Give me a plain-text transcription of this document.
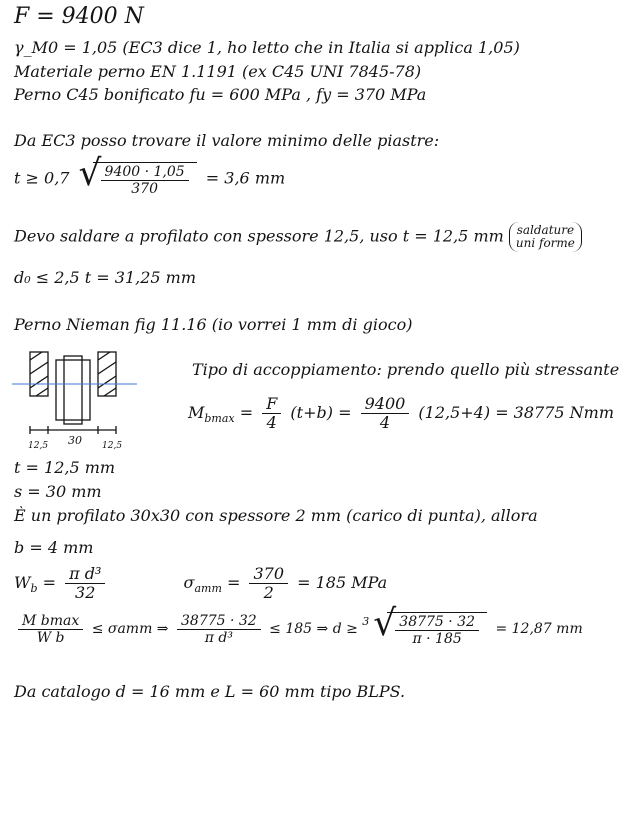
F = 9400 N
γ_M0 = 1,05 (EC3 dice 1, ho letto che in Italia si applica 1,05)
Materiale perno EN 1.1191 (ex C45 UNI 7845-78)
Perno C45 bonificato fu = 600 MPa , fy = 370 MPa
Da EC3 posso trovare il valore minimo delle piastre:
t ≥ 0,7 √ $\frac{9400 \cdot 1,05}{370} = 3,6$ mm
Devo saldare a profilato con spessore 12,5, uso t = 12,5 mm saldature
uni forme
d₀ ≤ 2,5 t = 31,25 mm
Perno Nieman fig 11.16 (io vorrei 1 mm di gioco)
12,5 30 12,5
Tipo di accoppiamento: prendo quello più stressante
$M_{bmax} = \frac{F}{4} (t+b) = \frac{9400}{4} (12,5+4) = 38775$ Nmm
t = 12,5 mm
s = 30 mm
È un profilato 30x30 con spessore 2 mm (carico di punta), allora
b = 4 mm
$W_b = \frac{\text{π d³}}{32}$	$\sigma_{amm} = \frac{370}{2} = 185$ MPa
$\frac{\text{M bmax}}{\text{W b}} \le \sigma amm$ ⇒ $\frac{38775 \cdot 32}{\text{π d³}} \le 185$ ⇒ d ≥ $^3$ √ $\frac{38775 \cdot 32}{\pi \cdot 185} = 12,87$ mm
Da catalogo d = 16 mm e L = 60 mm tipo BLPS.
